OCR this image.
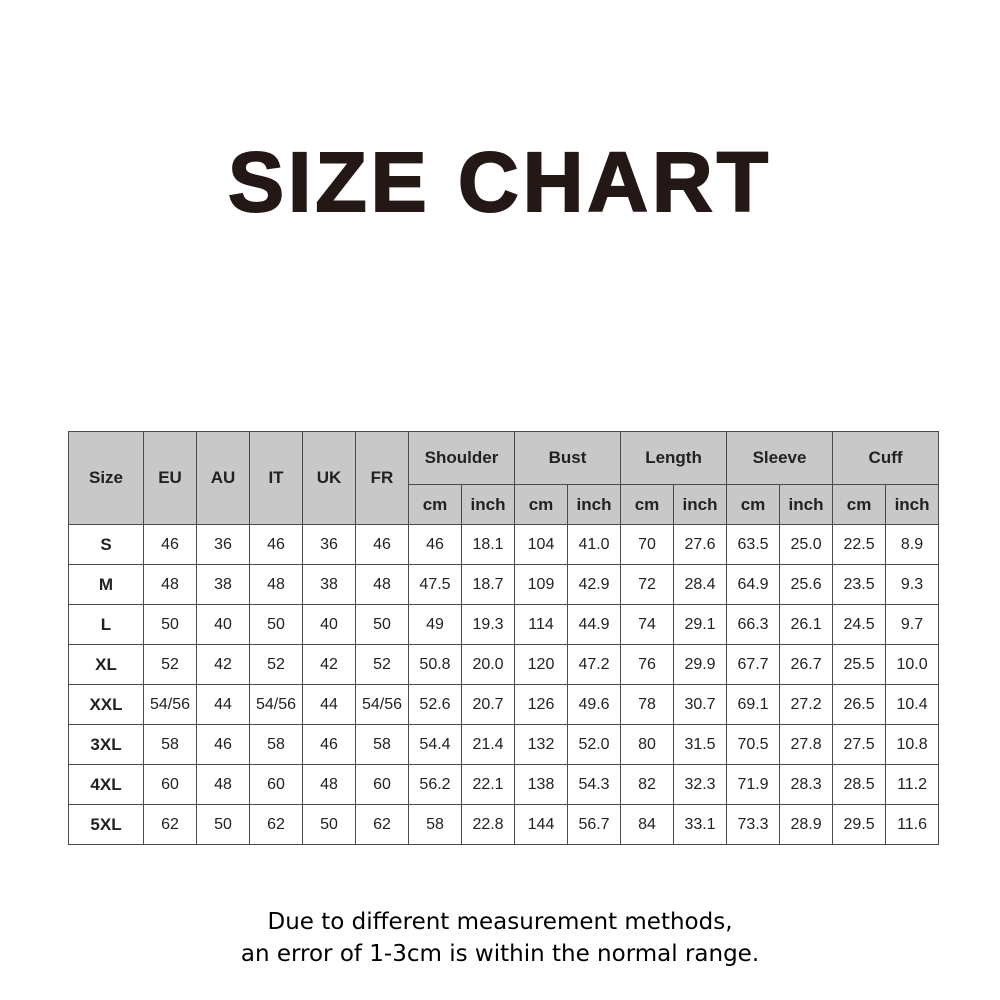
SIZE CHART
Size	EU	AU	IT	UK	FR	Shoulder		Bust		Length		Sleeve		Cuff	
						cm	inch	cm	inch	cm	inch	cm	inch	cm	inch
S	46	36	46	36	46	46	18.1	104	41.0	70	27.6	63.5	25.0	22.5	8.9
M	48	38	48	38	48	47.5	18.7	109	42.9	72	28.4	64.9	25.6	23.5	9.3
L	50	40	50	40	50	49	19.3	114	44.9	74	29.1	66.3	26.1	24.5	9.7
XL	52	42	52	42	52	50.8	20.0	120	47.2	76	29.9	67.7	26.7	25.5	10.0
XXL	54/56	44	54/56	44	54/56	52.6	20.7	126	49.6	78	30.7	69.1	27.2	26.5	10.4
3XL	58	46	58	46	58	54.4	21.4	132	52.0	80	31.5	70.5	27.8	27.5	10.8
4XL	60	48	60	48	60	56.2	22.1	138	54.3	82	32.3	71.9	28.3	28.5	11.2
5XL	62	50	62	50	62	58	22.8	144	56.7	84	33.1	73.3	28.9	29.5	11.6
Due to different measurement methods,
an error of 1-3cm is within the normal range.
